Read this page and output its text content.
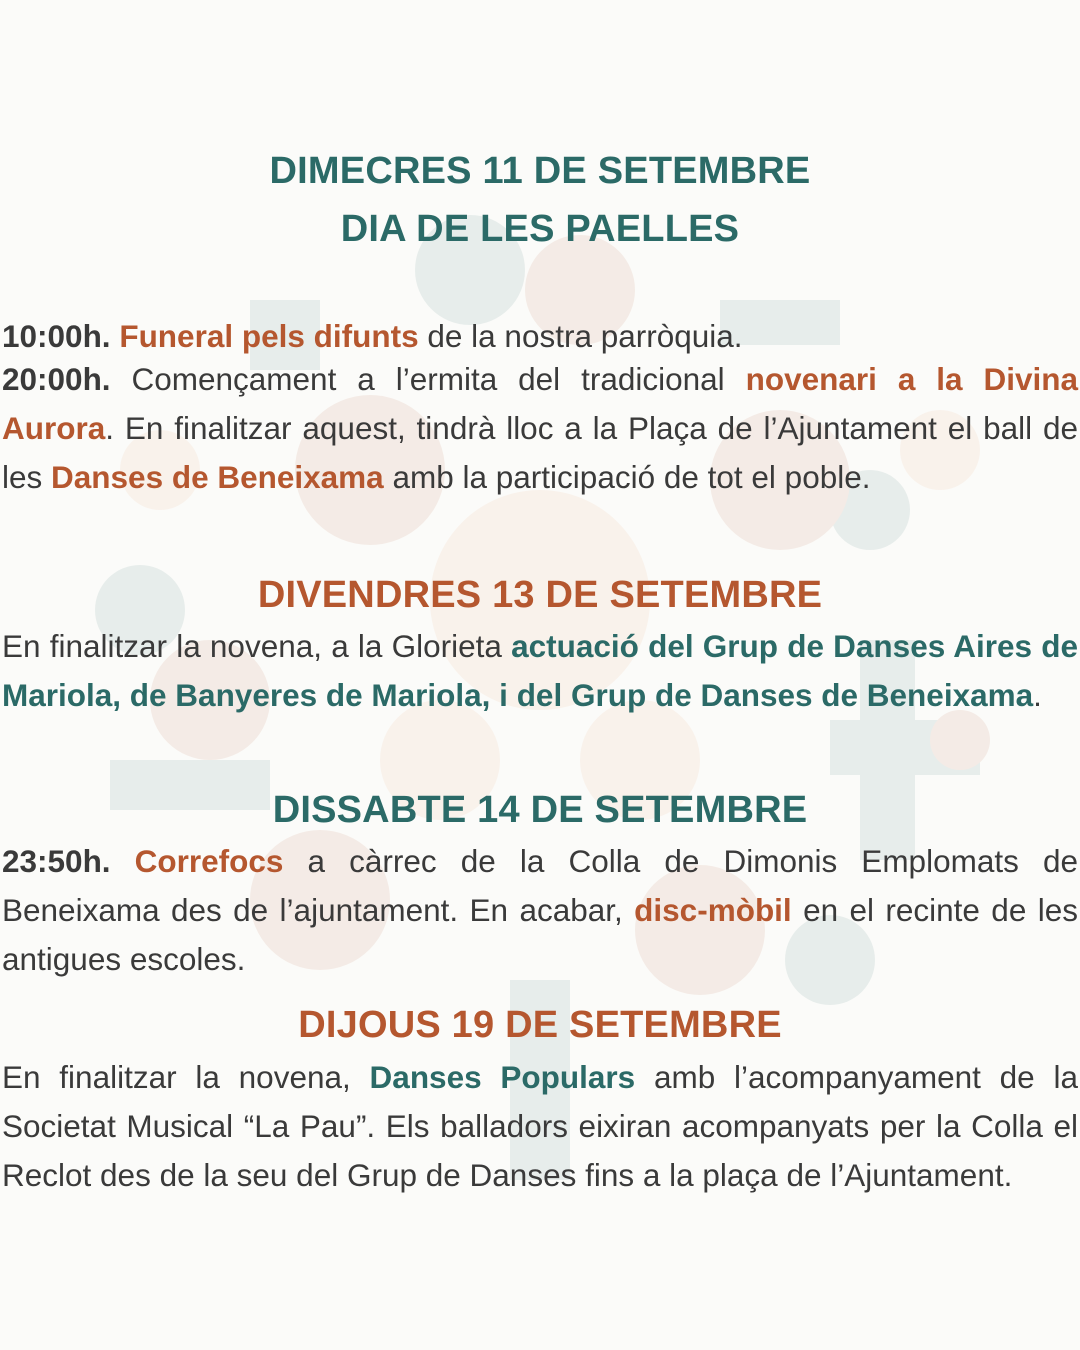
DIMECRES 11 DE SETEMBRE
DIA DE LES PAELLES
10:00h. Funeral pels difunts de la nostra parròquia.
20:00h. Començament a l’ermita del tradicional novenari a la Divina Aurora. En finalitzar aquest, tindrà lloc a la Plaça de l’Ajuntament el ball de les Danses de Beneixama amb la participació de tot el poble.
DIVENDRES 13 DE SETEMBRE
En finalitzar la novena, a la Glorieta actuació del Grup de Danses Aires de Mariola, de Banyeres de Mariola, i del Grup de Danses de Beneixama.
DISSABTE 14 DE SETEMBRE
23:50h. Correfocs a càrrec de la Colla de Dimonis Emplomats de Beneixama des de l’ajuntament. En acabar, disc-mòbil en el recinte de les antigues escoles.
DIJOUS 19 DE SETEMBRE
En finalitzar la novena, Danses Populars amb l’acompanyament de la Societat Musical “La Pau”. Els balladors eixiran acompanyats per la Colla el Reclot des de la seu del Grup de Danses fins a la plaça de l’Ajuntament.
